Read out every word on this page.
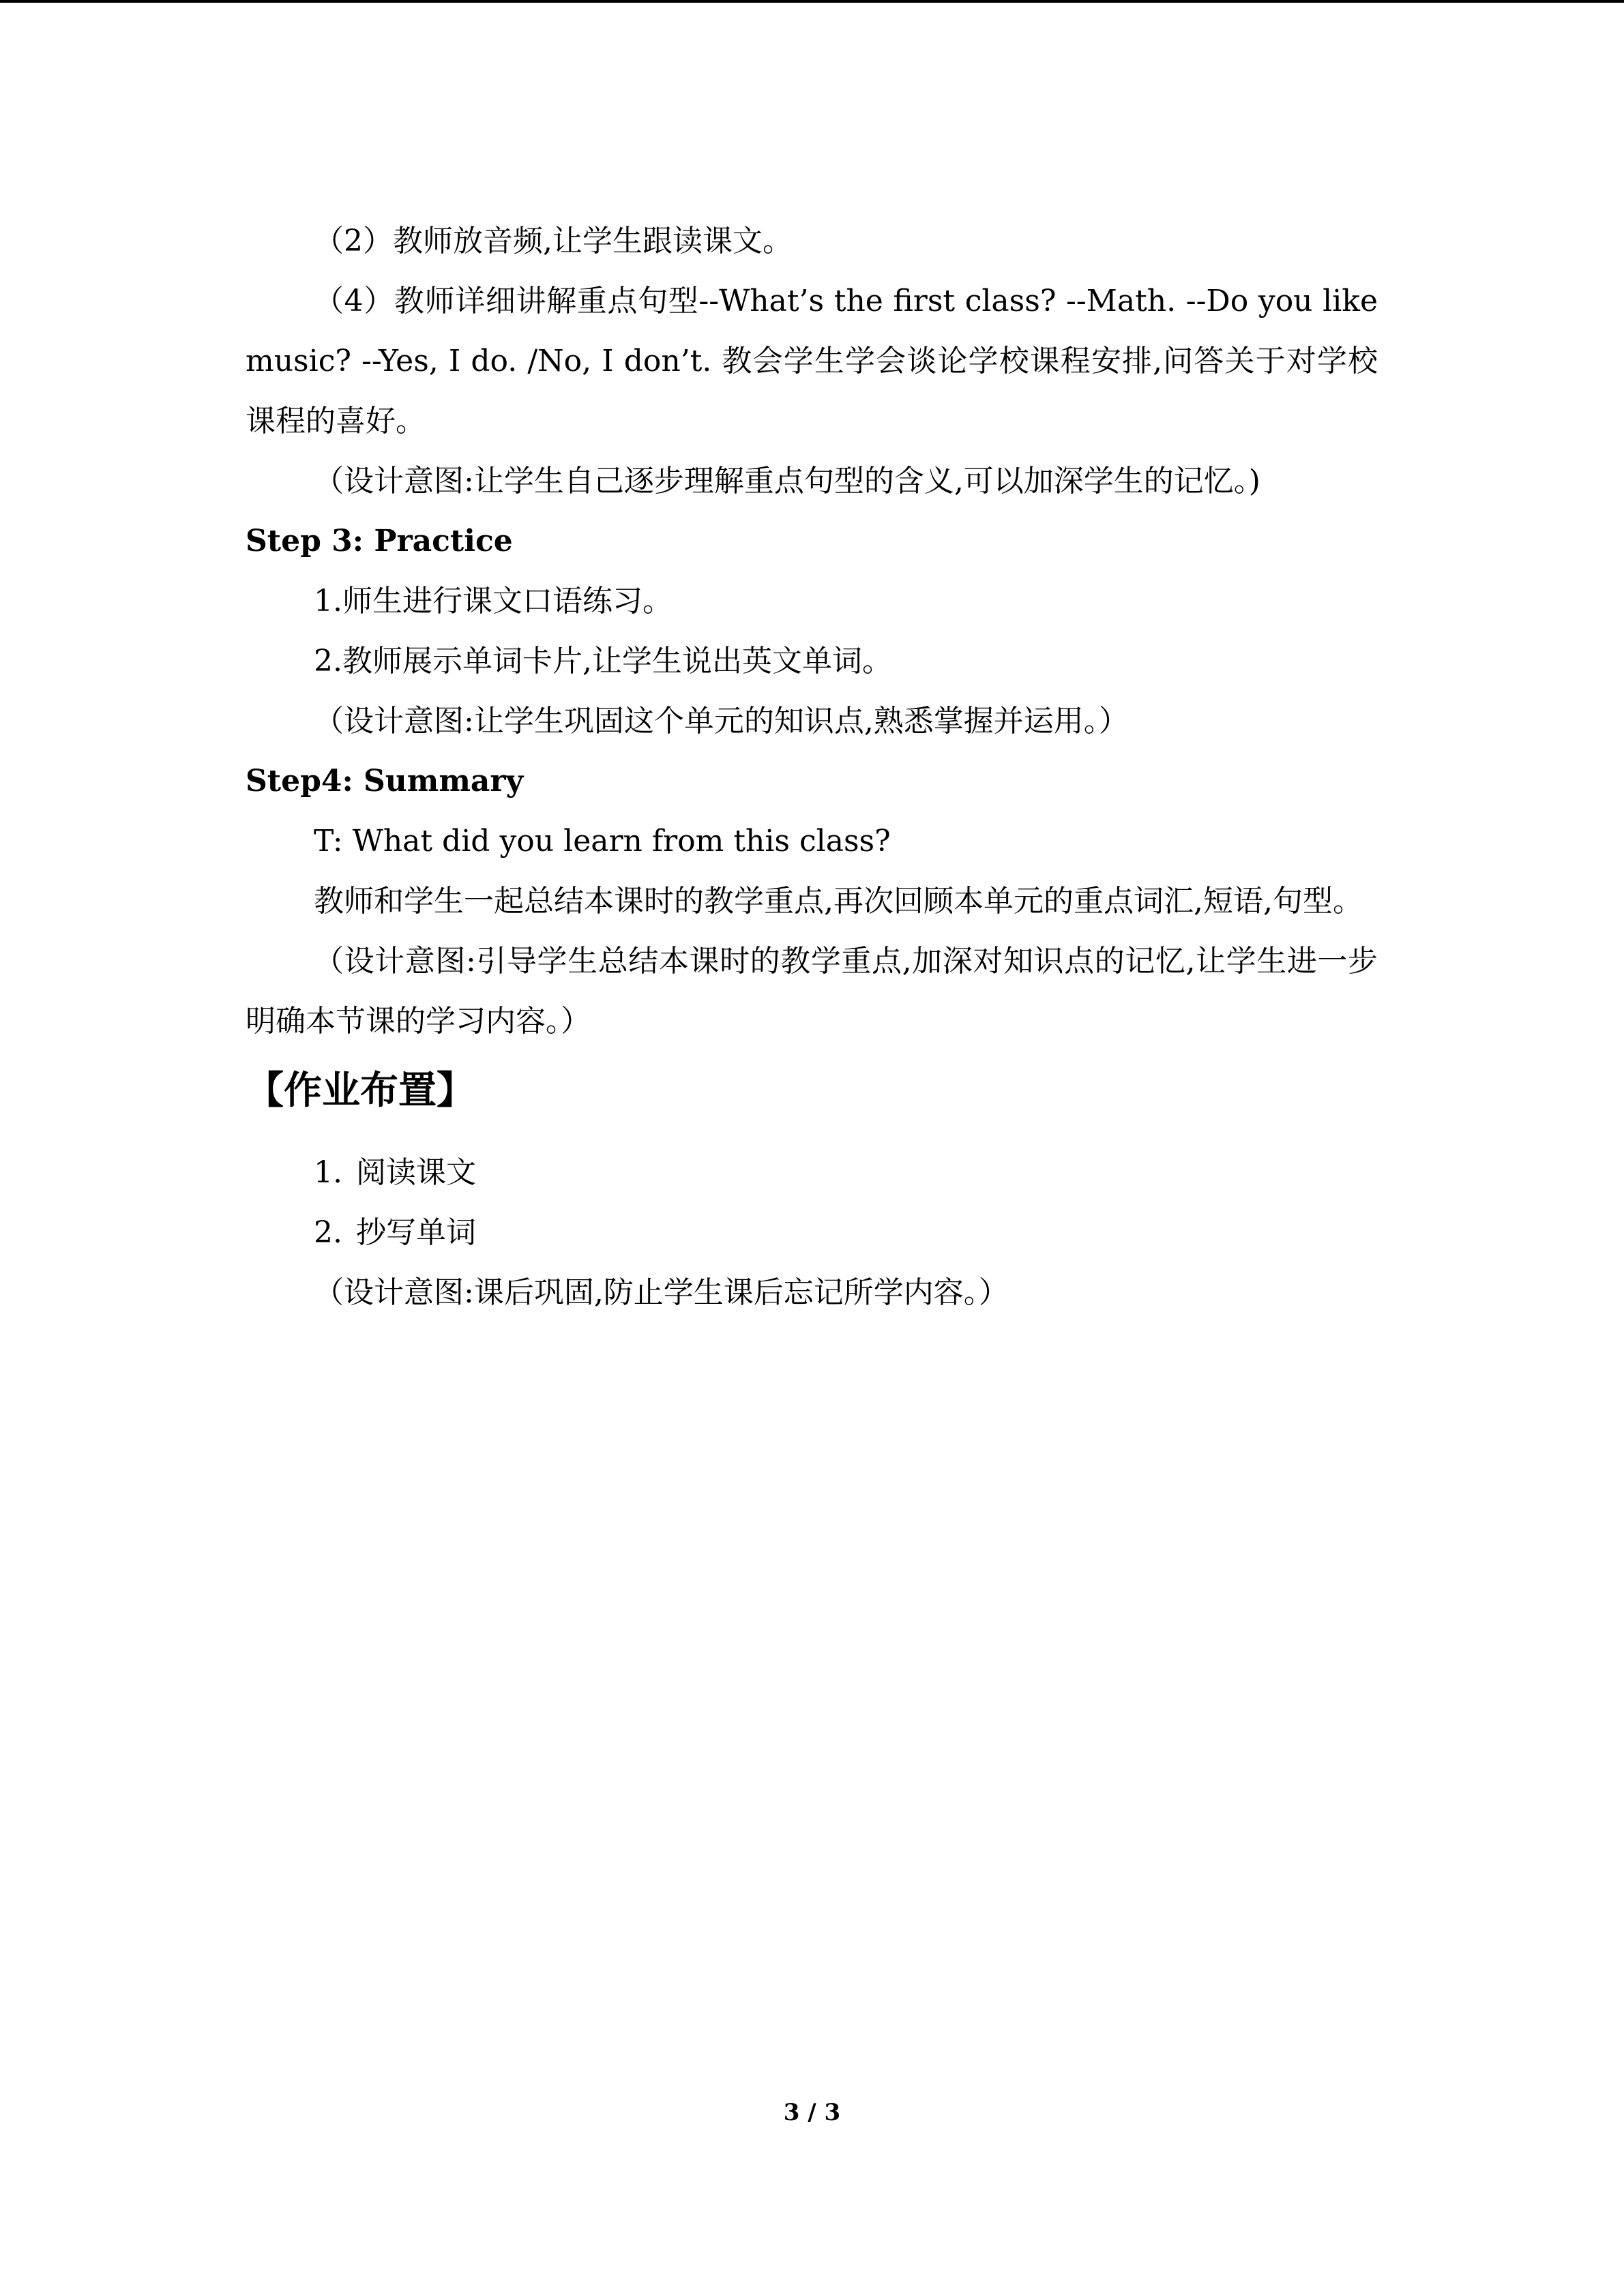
（2）教师放音频,让学生跟读课文。

（4）教师详细讲解重点句型--What’s the first class? --Math. --Do you like music? --Yes, I do. /No, I don’t. 教会学生学会谈论学校课程安排,问答关于对学校课程的喜好。

（设计意图:让学生自己逐步理解重点句型的含义,可以加深学生的记忆。)

Step 3: Practice

1.师生进行课文口语练习。

2.教师展示单词卡片,让学生说出英文单词。

（设计意图:让学生巩固这个单元的知识点,熟悉掌握并运用。）

Step4: Summary

T: What did you learn from this class?

教师和学生一起总结本课时的教学重点,再次回顾本单元的重点词汇,短语,句型。

（设计意图:引导学生总结本课时的教学重点,加深对知识点的记忆,让学生进一步明确本节课的学习内容。）

【作业布置】

1. 阅读课文

2. 抄写单词

（设计意图:课后巩固,防止学生课后忘记所学内容。）

3 / 3
